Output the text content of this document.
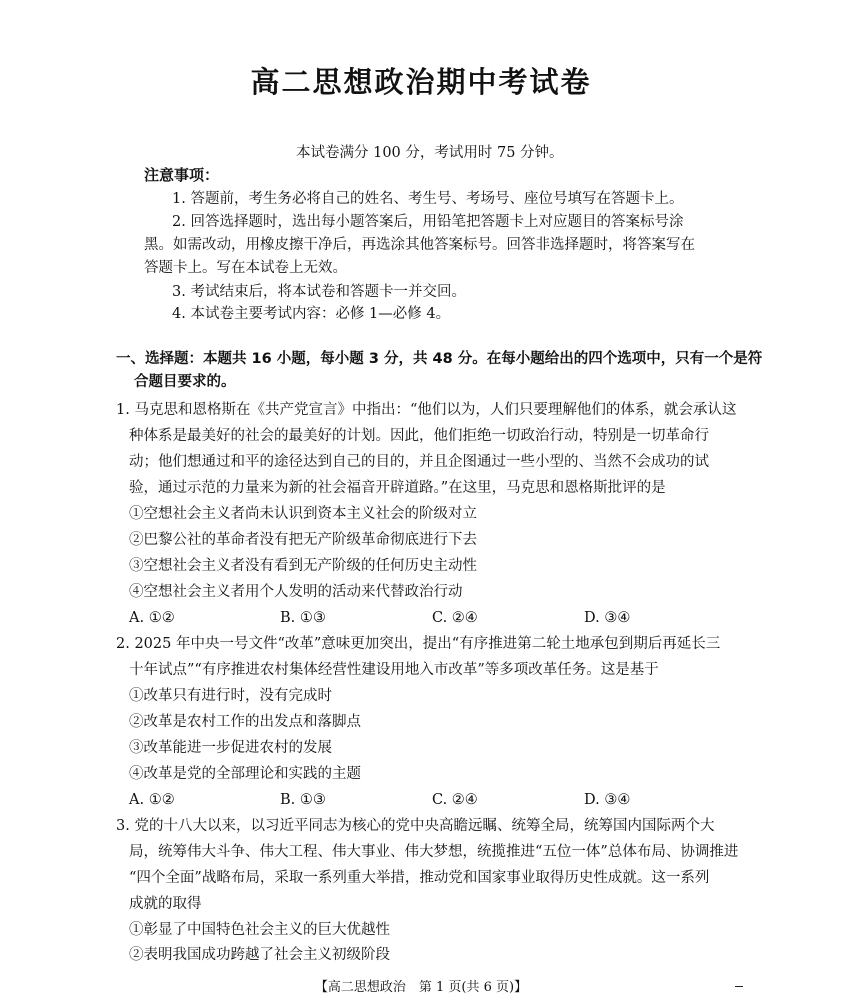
高二思想政治期中考试卷
本试卷满分 100 分，考试用时 75 分钟。
注意事项：
1. 答题前，考生务必将自己的姓名、考生号、考场号、座位号填写在答题卡上。
2. 回答选择题时，选出每小题答案后，用铅笔把答题卡上对应题目的答案标号涂
黑。如需改动，用橡皮擦干净后，再选涂其他答案标号。回答非选择题时，将答案写在
答题卡上。写在本试卷上无效。
3. 考试结束后，将本试卷和答题卡一并交回。
4. 本试卷主要考试内容：必修 1—必修 4。
一、选择题：本题共 16 小题，每小题 3 分，共 48 分。在每小题给出的四个选项中，只有一个是符
合题目要求的。
1. 马克思和恩格斯在《共产党宣言》中指出：“他们以为，人们只要理解他们的体系，就会承认这
种体系是最美好的社会的最美好的计划。因此，他们拒绝一切政治行动，特别是一切革命行
动；他们想通过和平的途径达到自己的目的，并且企图通过一些小型的、当然不会成功的试
验，通过示范的力量来为新的社会福音开辟道路。”在这里，马克思和恩格斯批评的是
①空想社会主义者尚未认识到资本主义社会的阶级对立
②巴黎公社的革命者没有把无产阶级革命彻底进行下去
③空想社会主义者没有看到无产阶级的任何历史主动性
④空想社会主义者用个人发明的活动来代替政治行动
A. ①②	B. ①③	C. ②④	D. ③④
2. 2025 年中央一号文件“改革”意味更加突出，提出“有序推进第二轮土地承包到期后再延长三
十年试点”“有序推进农村集体经营性建设用地入市改革”等多项改革任务。这是基于
①改革只有进行时，没有完成时
②改革是农村工作的出发点和落脚点
③改革能进一步促进农村的发展
④改革是党的全部理论和实践的主题
A. ①②	B. ①③	C. ②④	D. ③④
3. 党的十八大以来，以习近平同志为核心的党中央高瞻远瞩、统筹全局，统筹国内国际两个大
局，统筹伟大斗争、伟大工程、伟大事业、伟大梦想，统揽推进“五位一体”总体布局、协调推进
“四个全面”战略布局，采取一系列重大举措，推动党和国家事业取得历史性成就。这一系列
成就的取得
①彰显了中国特色社会主义的巨大优越性
②表明我国成功跨越了社会主义初级阶段
【高二思想政治　第 1 页(共 6 页)】
